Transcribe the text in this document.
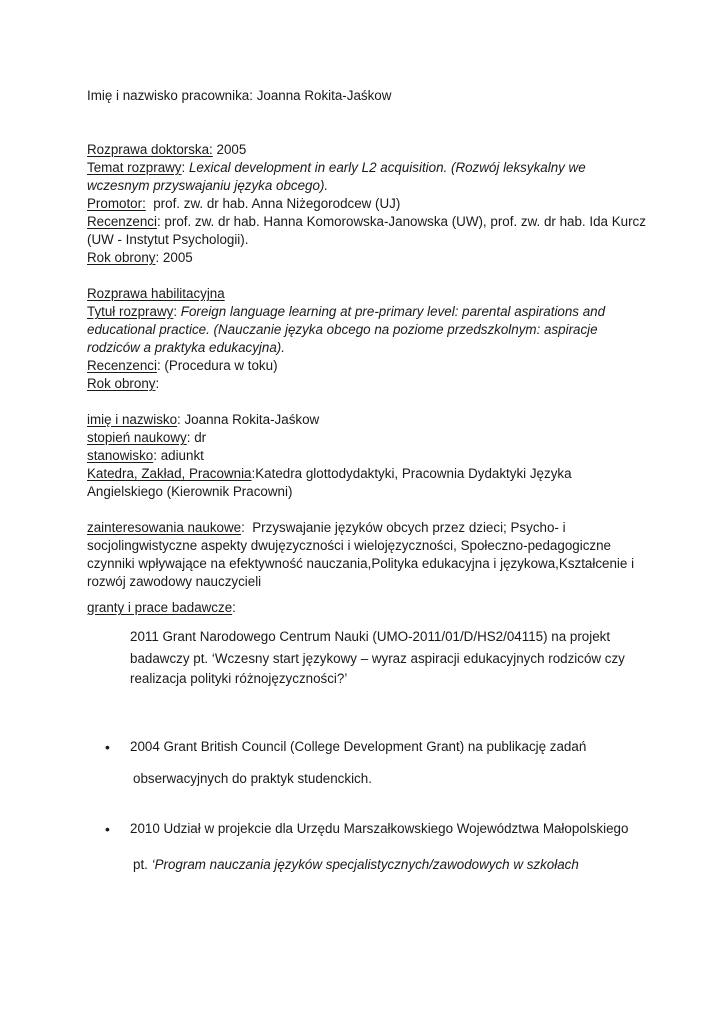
Imię i nazwisko pracownika: Joanna Rokita-Jaśkow
Rozprawa doktorska: 2005
Temat rozprawy: Lexical development in early L2 acquisition. (Rozwój leksykalny we
wczesnym przyswajaniu języka obcego).
Promotor:  prof. zw. dr hab. Anna Niżegorodcew (UJ)
Recenzenci: prof. zw. dr hab. Hanna Komorowska-Janowska (UW), prof. zw. dr hab. Ida Kurcz
(UW - Instytut Psychologii).
Rok obrony: 2005
Rozprawa habilitacyjna
Tytuł rozprawy: Foreign language learning at pre-primary level: parental aspirations and
educational practice. (Nauczanie języka obcego na poziome przedszkolnym: aspiracje
rodziców a praktyka edukacyjna).
Recenzenci: (Procedura w toku)
Rok obrony:
imię i nazwisko: Joanna Rokita-Jaśkow
stopień naukowy: dr
stanowisko: adiunkt
Katedra, Zakład, Pracownia:Katedra glottodydaktyki, Pracownia Dydaktyki Języka
Angielskiego (Kierownik Pracowni)
zainteresowania naukowe:  Przyswajanie języków obcych przez dzieci; Psycho- i
socjolingwistyczne aspekty dwujęzyczności i wielojęzyczności, Społeczno-pedagogiczne
czynniki wpływające na efektywność nauczania,Polityka edukacyjna i językowa,Kształcenie i
rozwój zawodowy nauczycieli
granty i prace badawcze:
2011 Grant Narodowego Centrum Nauki (UMO-2011/01/D/HS2/04115) na projekt
badawczy pt. ‘Wczesny start językowy – wyraz aspiracji edukacyjnych rodziców czy
realizacja polityki różnojęzyczności?’
• 2004 Grant British Council (College Development Grant) na publikację zadań
obserwacyjnych do praktyk studenckich.
• 2010 Udział w projekcie dla Urzędu Marszałkowskiego Województwa Małopolskiego
pt. ‘Program nauczania języków specjalistycznych/zawodowych w szkołach
